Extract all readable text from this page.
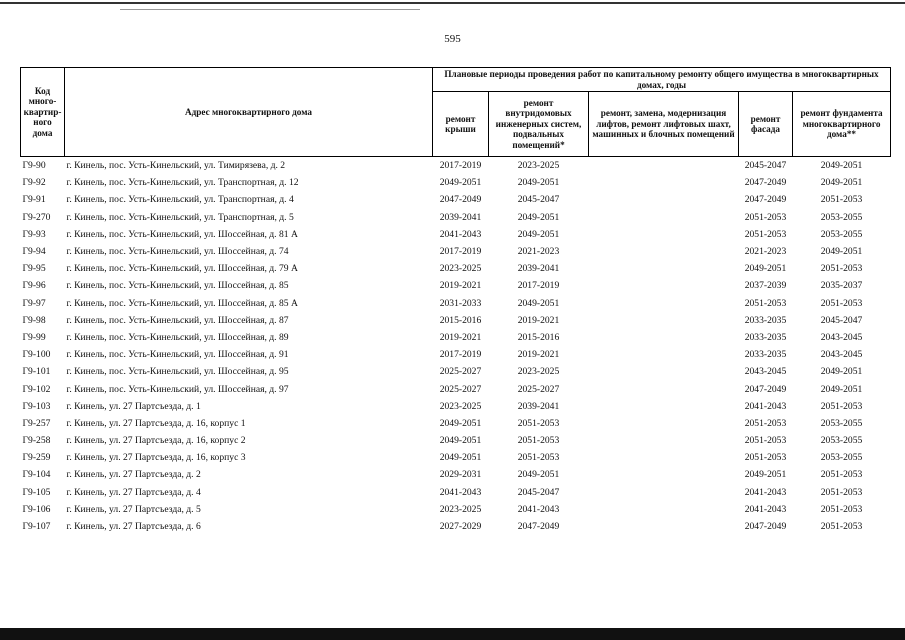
595
Код много-квартир-ного дома	Адрес многоквартирного дома	Плановые периоды проведения работ по капитальному ремонту общего имущества в многоквартирных домах, годы				
		ремонт крыши	ремонт внутридомовых инженерных систем, подвальных помещений*	ремонт, замена, модернизация лифтов, ремонт лифтовых шахт, машинных и блочных помещений	ремонт фасада	ремонт фундамента многоквартирного дома**
Г9-90	г. Кинель, пос. Усть-Кинельский, ул. Тимирязева, д. 2	2017-2019	2023-2025		2045-2047	2049-2051
Г9-92	г. Кинель, пос. Усть-Кинельский, ул. Транспортная, д. 12	2049-2051	2049-2051		2047-2049	2049-2051
Г9-91	г. Кинель, пос. Усть-Кинельский, ул. Транспортная, д. 4	2047-2049	2045-2047		2047-2049	2051-2053
Г9-270	г. Кинель, пос. Усть-Кинельский, ул. Транспортная, д. 5	2039-2041	2049-2051		2051-2053	2053-2055
Г9-93	г. Кинель, пос. Усть-Кинельский, ул. Шоссейная, д. 81 А	2041-2043	2049-2051		2051-2053	2053-2055
Г9-94	г. Кинель, пос. Усть-Кинельский, ул. Шоссейная, д. 74	2017-2019	2021-2023		2021-2023	2049-2051
Г9-95	г. Кинель, пос. Усть-Кинельский, ул. Шоссейная, д. 79 А	2023-2025	2039-2041		2049-2051	2051-2053
Г9-96	г. Кинель, пос. Усть-Кинельский, ул. Шоссейная, д. 85	2019-2021	2017-2019		2037-2039	2035-2037
Г9-97	г. Кинель, пос. Усть-Кинельский, ул. Шоссейная, д. 85 А	2031-2033	2049-2051		2051-2053	2051-2053
Г9-98	г. Кинель, пос. Усть-Кинельский, ул. Шоссейная, д. 87	2015-2016	2019-2021		2033-2035	2045-2047
Г9-99	г. Кинель, пос. Усть-Кинельский, ул. Шоссейная, д. 89	2019-2021	2015-2016		2033-2035	2043-2045
Г9-100	г. Кинель, пос. Усть-Кинельский, ул. Шоссейная, д. 91	2017-2019	2019-2021		2033-2035	2043-2045
Г9-101	г. Кинель, пос. Усть-Кинельский, ул. Шоссейная, д. 95	2025-2027	2023-2025		2043-2045	2049-2051
Г9-102	г. Кинель, пос. Усть-Кинельский, ул. Шоссейная, д. 97	2025-2027	2025-2027		2047-2049	2049-2051
Г9-103	г. Кинель, ул. 27 Партсъезда, д. 1	2023-2025	2039-2041		2041-2043	2051-2053
Г9-257	г. Кинель, ул. 27 Партсъезда, д. 16, корпус 1	2049-2051	2051-2053		2051-2053	2053-2055
Г9-258	г. Кинель, ул. 27 Партсъезда, д. 16, корпус 2	2049-2051	2051-2053		2051-2053	2053-2055
Г9-259	г. Кинель, ул. 27 Партсъезда, д. 16, корпус 3	2049-2051	2051-2053		2051-2053	2053-2055
Г9-104	г. Кинель, ул. 27 Партсъезда, д. 2	2029-2031	2049-2051		2049-2051	2051-2053
Г9-105	г. Кинель, ул. 27 Партсъезда, д. 4	2041-2043	2045-2047		2041-2043	2051-2053
Г9-106	г. Кинель, ул. 27 Партсъезда, д. 5	2023-2025	2041-2043		2041-2043	2051-2053
Г9-107	г. Кинель, ул. 27 Партсъезда, д. 6	2027-2029	2047-2049		2047-2049	2051-2053
